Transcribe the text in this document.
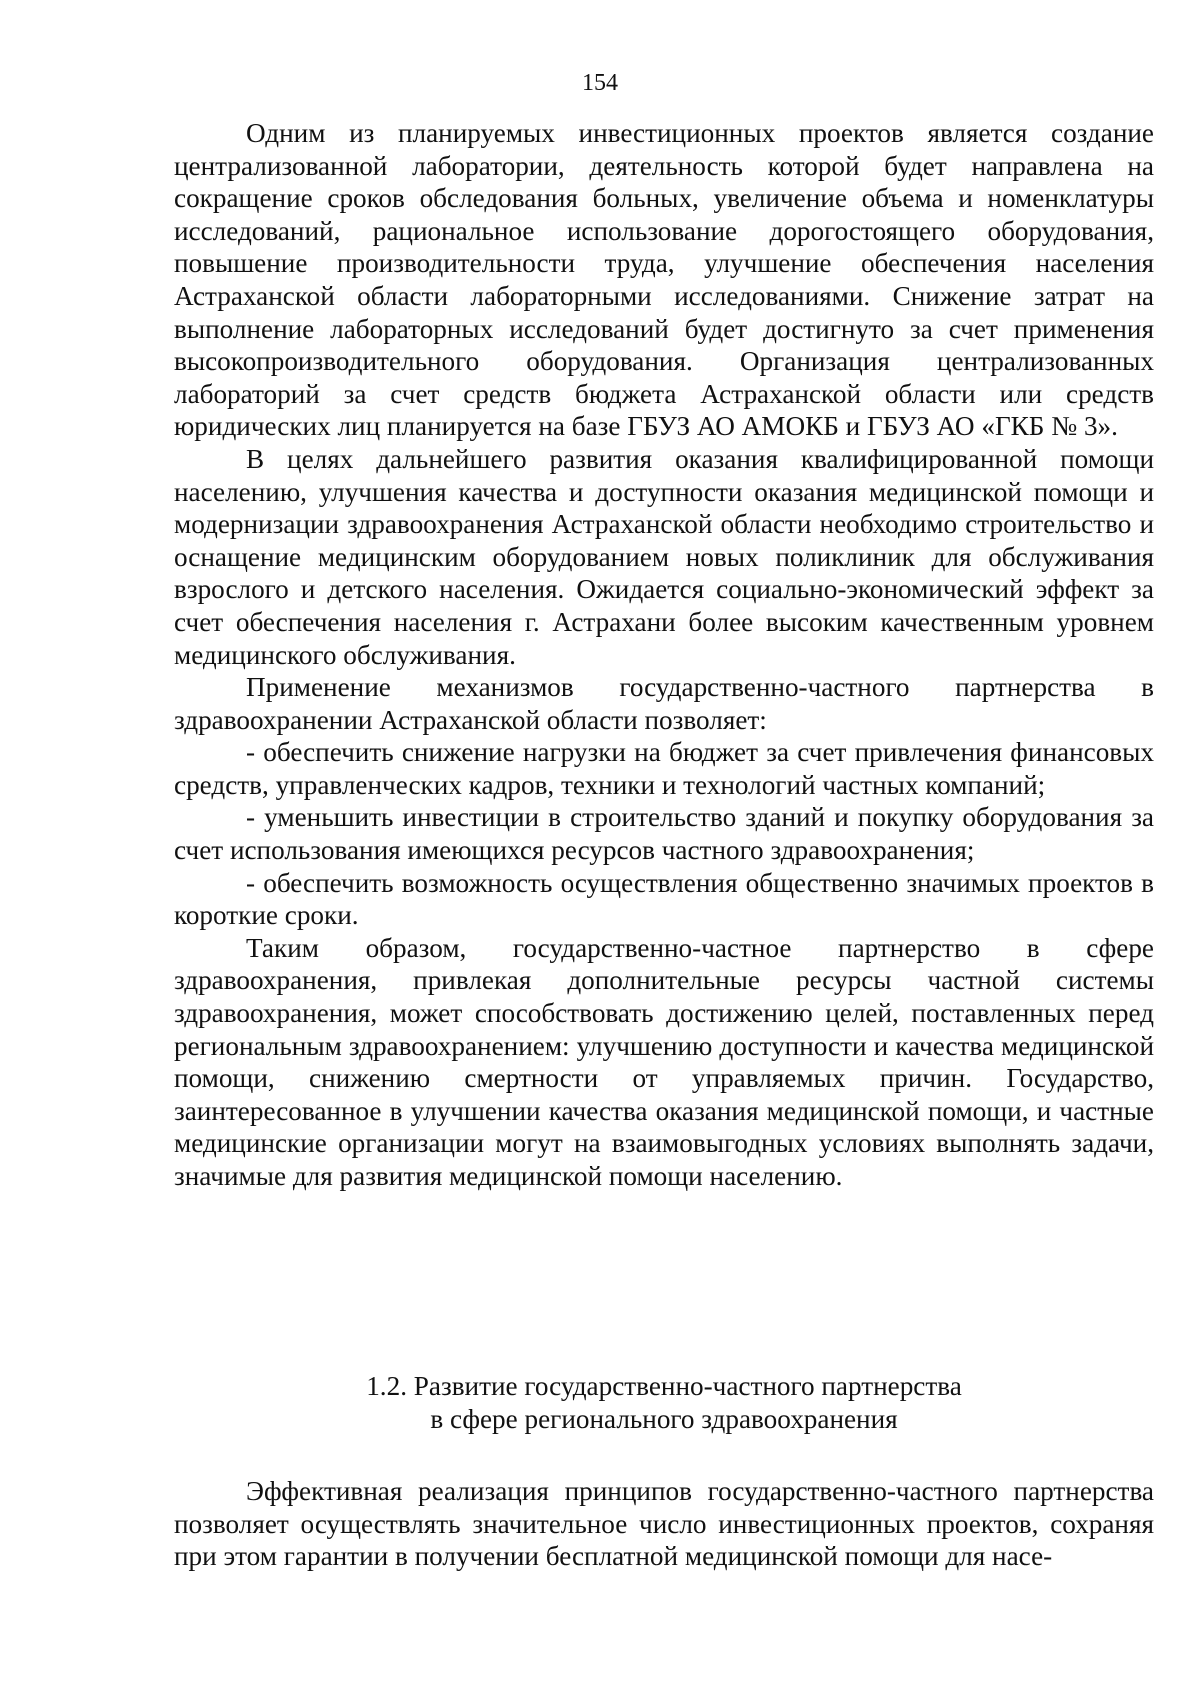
154

Одним из планируемых инвестиционных проектов является создание централизованной лаборатории, деятельность которой будет направлена на сокращение сроков обследования больных, увеличение объема и номенклатуры исследований, рациональное использование дорогостоящего оборудования, повышение производительности труда, улучшение обеспечения населения Астраханской области лабораторными исследованиями. Снижение затрат на выполнение лабораторных исследований будет достигнуто за счет применения высокопроизводительного оборудования. Организация централизованных лабораторий за счет средств бюджета Астраханской области или средств юридических лиц планируется на базе ГБУЗ АО АМОКБ и ГБУЗ АО «ГКБ № 3».

В целях дальнейшего развития оказания квалифицированной помощи населению, улучшения качества и доступности оказания медицинской помощи и модернизации здравоохранения Астраханской области необходимо строительство и оснащение медицинским оборудованием новых поликлиник для обслуживания взрослого и детского населения. Ожидается социально-экономический эффект за счет обеспечения населения г. Астрахани более высоким качественным уровнем медицинского обслуживания.

Применение механизмов государственно-частного партнерства в здравоохранении Астраханской области позволяет:

- обеспечить снижение нагрузки на бюджет за счет привлечения финансовых средств, управленческих кадров, техники и технологий частных компаний;

- уменьшить инвестиции в строительство зданий и покупку оборудования за счет использования имеющихся ресурсов частного здравоохранения;

- обеспечить возможность осуществления общественно значимых проектов в короткие сроки.

Таким образом, государственно-частное партнерство в сфере здравоохранения, привлекая дополнительные ресурсы частной системы здравоохранения, может способствовать достижению целей, поставленных перед региональным здравоохранением: улучшению доступности и качества медицинской помощи, снижению смертности от управляемых причин. Государство, заинтересованное в улучшении качества оказания медицинской помощи, и частные медицинские организации могут на взаимовыгодных условиях выполнять задачи, значимые для развития медицинской помощи населению.

1.2. Развитие государственно-частного партнерства
в сфере регионального здравоохранения

Эффективная реализация принципов государственно-частного партнерства позволяет осуществлять значительное число инвестиционных проектов, сохраняя при этом гарантии в получении бесплатной медицинской помощи для насе-
